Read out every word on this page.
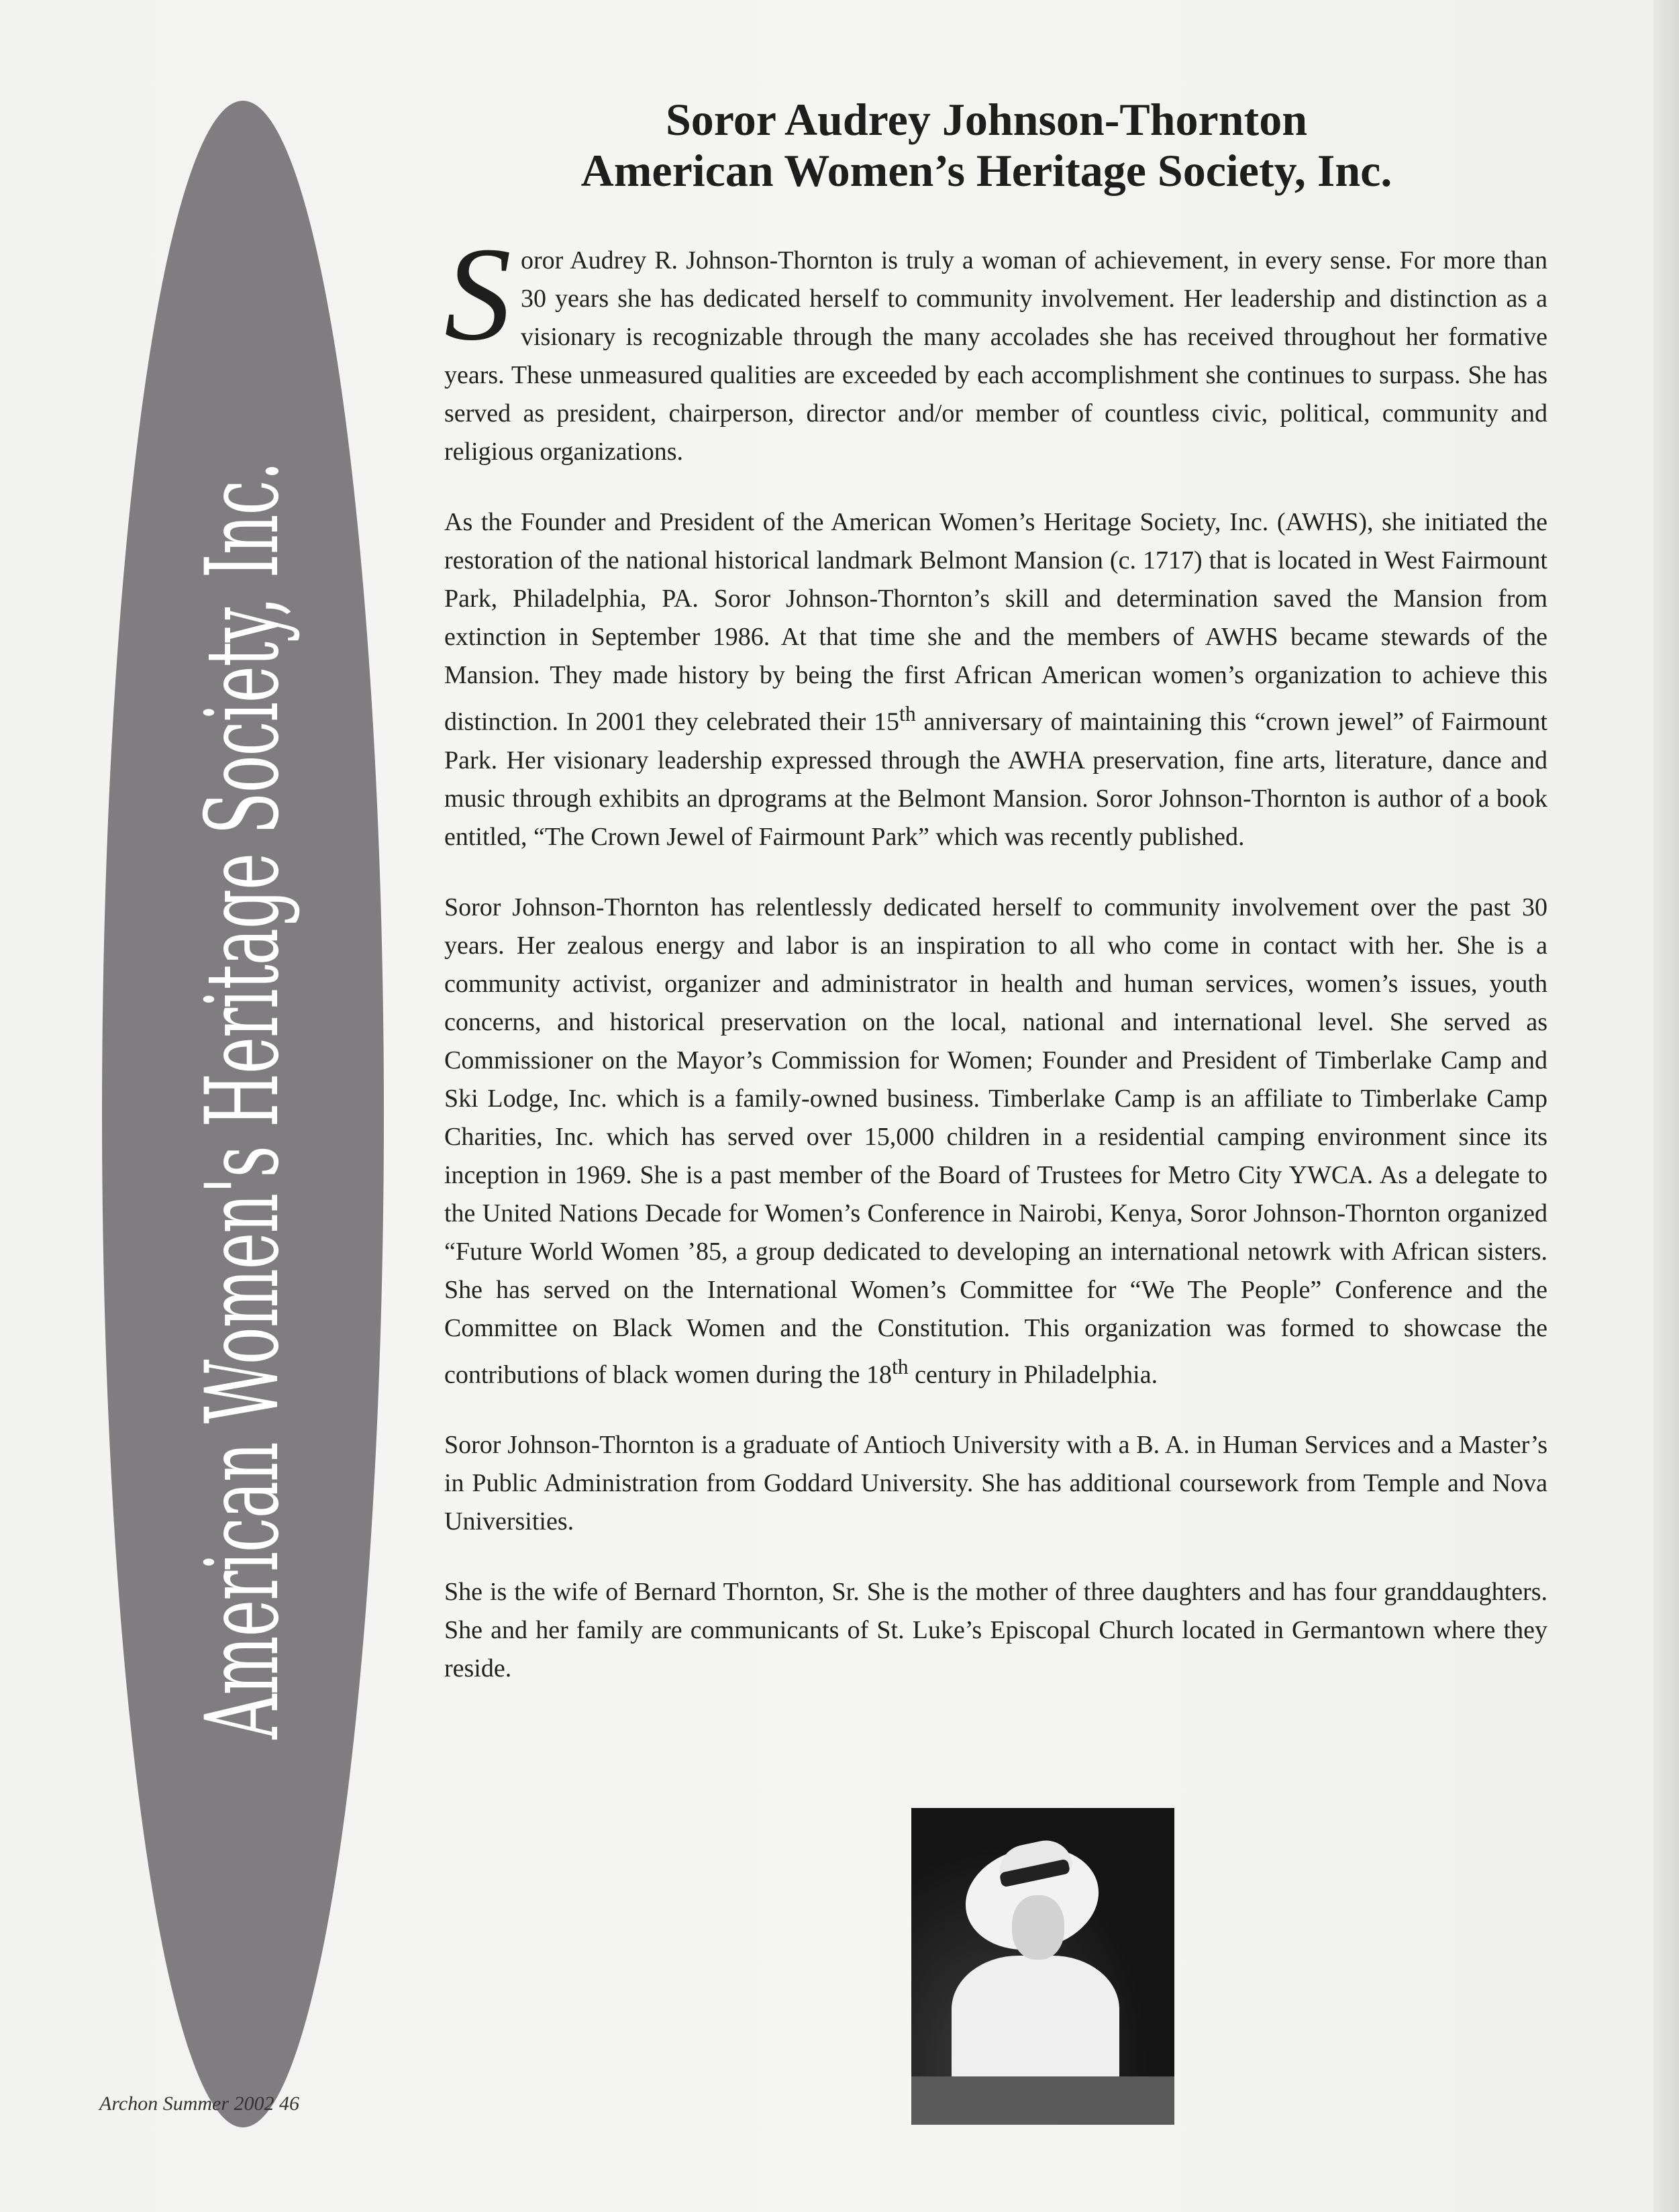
American Women's Heritage Society, Inc.
Soror Audrey Johnson-Thornton
American Women’s Heritage Society, Inc.

Soror Audrey R. Johnson-Thornton is truly a woman of achievement, in every sense. For more than 30 years she has dedicated herself to community involvement. Her leadership and distinction as a visionary is recognizable through the many accolades she has received throughout her formative years. These unmeasured qualities are exceeded by each accomplishment she continues to surpass. She has served as president, chairperson, director and/or member of countless civic, political, community and religious organizations.

As the Founder and President of the American Women’s Heritage Society, Inc. (AWHS), she initiated the restoration of the national historical landmark Belmont Mansion (c. 1717) that is located in West Fairmount Park, Philadelphia, PA. Soror Johnson-Thornton’s skill and determination saved the Mansion from extinction in September 1986. At that time she and the members of AWHS became stewards of the Mansion. They made history by being the first African American women’s organization to achieve this distinction. In 2001 they celebrated their 15th anniversary of maintaining this “crown jewel” of Fairmount Park. Her visionary leadership expressed through the AWHA preservation, fine arts, literature, dance and music through exhibits an dprograms at the Belmont Mansion. Soror Johnson-Thornton is author of a book entitled, “The Crown Jewel of Fairmount Park” which was recently published.

Soror Johnson-Thornton has relentlessly dedicated herself to community involvement over the past 30 years. Her zealous energy and labor is an inspiration to all who come in contact with her. She is a community activist, organizer and administrator in health and human services, women’s issues, youth concerns, and historical preservation on the local, national and international level. She served as Commissioner on the Mayor’s Commission for Women; Founder and President of Timberlake Camp and Ski Lodge, Inc. which is a family-owned business. Timberlake Camp is an affiliate to Timberlake Camp Charities, Inc. which has served over 15,000 children in a residential camping environment since its inception in 1969. She is a past member of the Board of Trustees for Metro City YWCA. As a delegate to the United Nations Decade for Women’s Conference in Nairobi, Kenya, Soror Johnson-Thornton organized “Future World Women ’85, a group dedicated to developing an international netowrk with African sisters. She has served on the International Women’s Committee for “We The People” Conference and the Committee on Black Women and the Constitution. This organization was formed to showcase the contributions of black women during the 18th century in Philadelphia.

Soror Johnson-Thornton is a graduate of Antioch University with a B. A. in Human Services and a Master’s in Public Administration from Goddard University. She has additional coursework from Temple and Nova Universities.

She is the wife of Bernard Thornton, Sr. She is the mother of three daughters and has four granddaughters. She and her family are communicants of St. Luke’s Episcopal Church located in Germantown where they reside.

Archon Summer 2002 46
